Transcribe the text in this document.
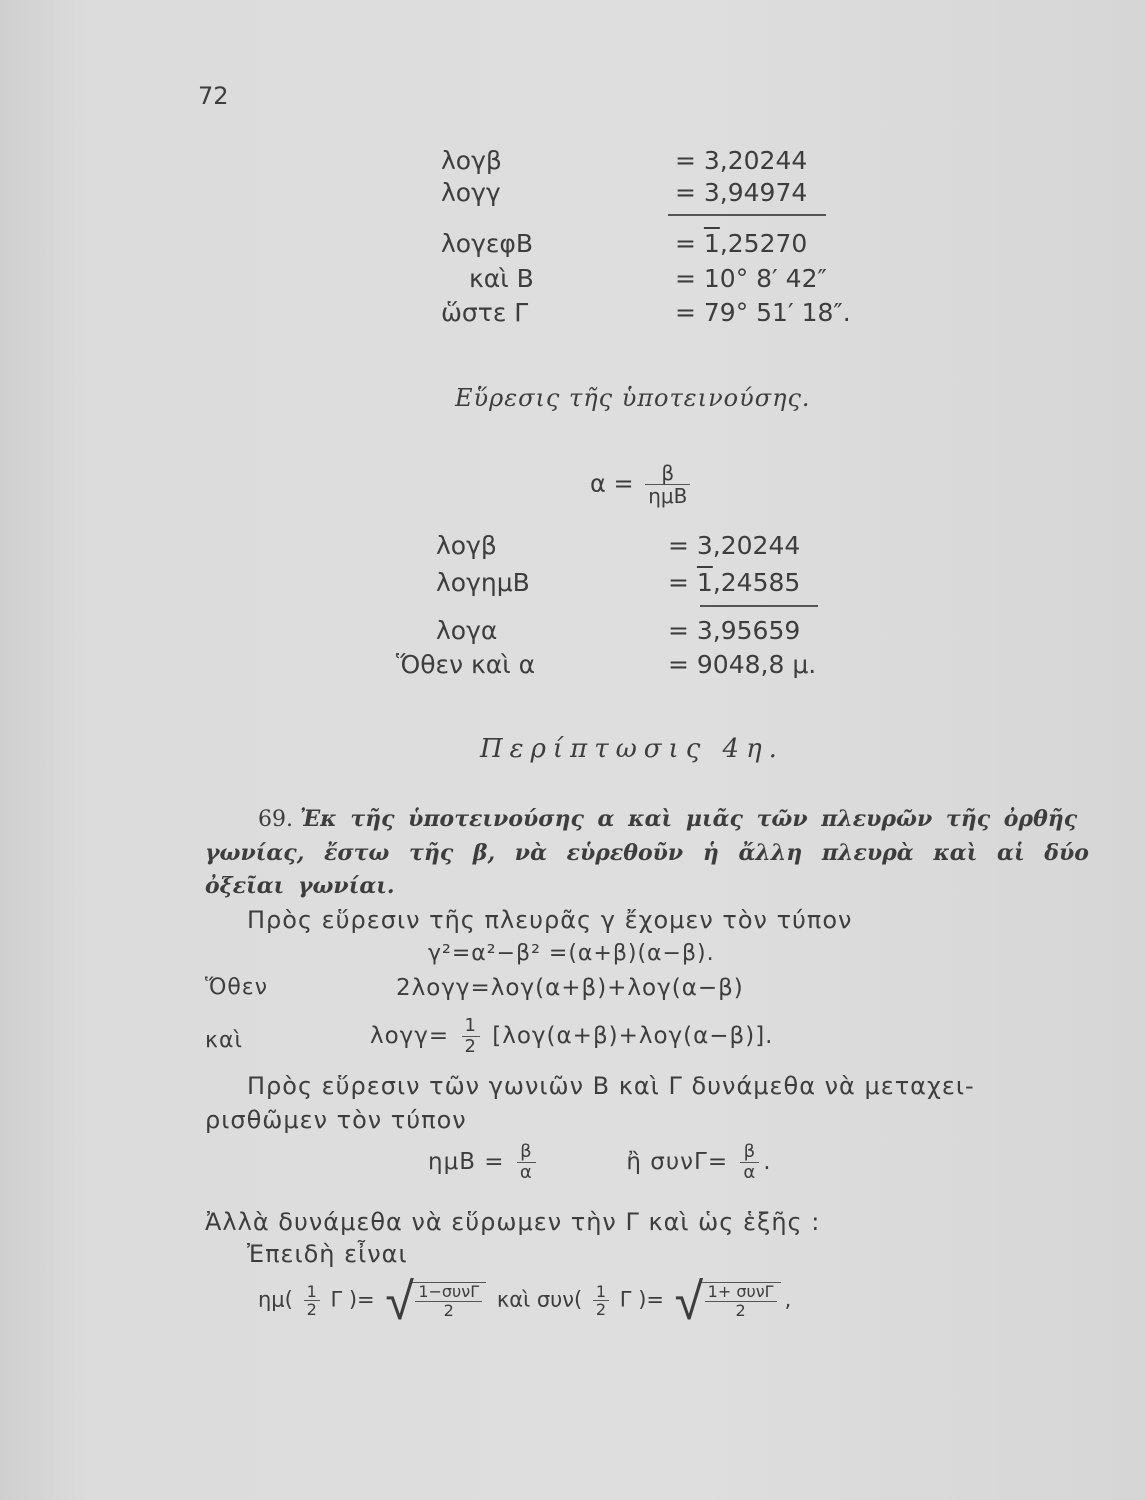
72
λογβ	= 3,20244
λογγ	= 3,94974
λογεφB	= 1,25270
καὶ B	= 10° 8′ 42″
ὥστε Γ	= 79° 51′ 18″.
Εὕρεσις τῆς ὑποτεινούσης.
$\alpha = \frac{\beta}{\text{ημB}}$
λογβ	= 3,20244
λογημB	= 1,24585
λογα	= 3,95659
Ὅθεν καὶ α	= 9048,8 μ.
Περίπτωσις 4η.
69. Ἐκ τῆς ὑποτεινούσης α καὶ μιᾶς τῶν πλευρῶν τῆς ὀρθῆς
γωνίας, ἔστω τῆς β, νὰ εὑρεθοῦν ἡ ἄλλη πλευρὰ καὶ αἱ δύο
ὀξεῖαι γωνίαι.
Πρὸς εὕρεσιν τῆς πλευρᾶς γ ἔχομεν τὸν τύπον
γ²=α²−β² =(α+β)(α−β).
Ὅθεν	2λογγ=λογ(α+β)+λογ(α−β)
καὶ	$\lambda o\gamma\gamma= \frac{1}{2} [\lambda o\gamma(\alpha+\beta)+\lambda o\gamma(\alpha-\beta)]$.
Πρὸς εὕρεσιν τῶν γωνιῶν B καὶ Γ δυνάμεθα νὰ μεταχει-
ρισθῶμεν τὸν τύπον
$\eta\mu B = \frac{\beta}{\alpha}$	ἢ $\sigma\upsilon\nu\Gamma= \frac{\beta}{\alpha}$ .
Ἀλλὰ δυνάμεθα νὰ εὕρωμεν τὴν Γ καὶ ὡς ἑξῆς :
Ἐπειδὴ εἶναι
$\eta\mu( \frac{1}{2}$ Γ )= √ $\frac{\text{1−συνΓ}}{2}$ καὶ $\sigma\upsilon\nu( \frac{1}{2}$ Γ )= √ $\frac{\text{1+ συνΓ}}{2}$ ,
